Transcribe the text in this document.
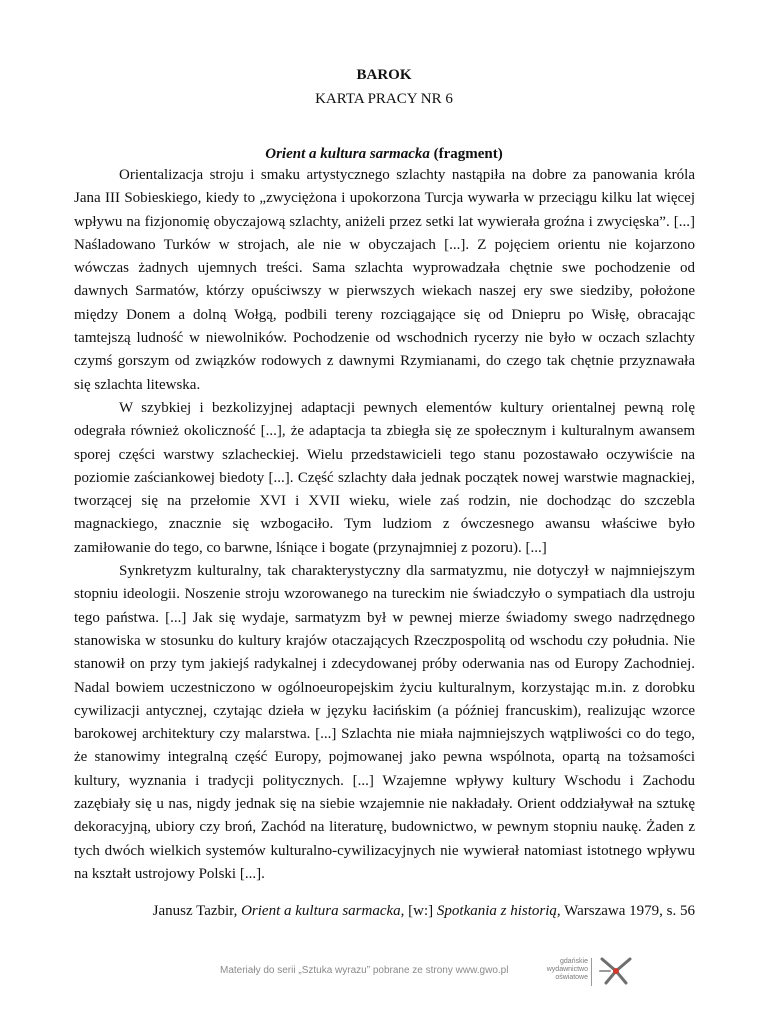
BAROK
KARTA PRACY NR 6
Orient a kultura sarmacka (fragment)

Orientalizacja stroju i smaku artystycznego szlachty nastąpiła na dobre za panowania króla Jana III Sobieskiego, kiedy to „zwyciężona i upokorzona Turcja wywarła w przeciągu kilku lat więcej wpływu na fizjonomię obyczajową szlachty, aniżeli przez setki lat wywierała groźna i zwycięska”. [...] Naśladowano Turków w strojach, ale nie w obyczajach [...]. Z pojęciem orientu nie kojarzono wówczas żadnych ujemnych treści. Sama szlachta wyprowadzała chętnie swe pochodzenie od dawnych Sarmatów, którzy opuściwszy w pierwszych wiekach naszej ery swe siedziby, położone między Donem a dolną Wołgą, podbili tereny rozciągające się od Dniepru po Wisłę, obracając tamtejszą ludność w niewolników. Pochodzenie od wschodnich rycerzy nie było w oczach szlachty czymś gorszym od związków rodowych z dawnymi Rzymianami, do czego tak chętnie przyznawała się szlachta litewska.

W szybkiej i bezkolizyjnej adaptacji pewnych elementów kultury orientalnej pewną rolę odegrała również okoliczność [...], że adaptacja ta zbiegła się ze społecznym i kulturalnym awansem sporej części warstwy szlacheckiej. Wielu przedstawicieli tego stanu pozostawało oczywiście na poziomie zaściankowej biedoty [...]. Część szlachty dała jednak początek nowej warstwie magnackiej, tworzącej się na przełomie XVI i XVII wieku, wiele zaś rodzin, nie dochodząc do szczebla magnackiego, znacznie się wzbogaciło. Tym ludziom z ówczesnego awansu właściwe było zamiłowanie do tego, co barwne, lśniące i bogate (przynajmniej z pozoru). [...]

Synkretyzm kulturalny, tak charakterystyczny dla sarmatyzmu, nie dotyczył w najmniejszym stopniu ideologii. Noszenie stroju wzorowanego na tureckim nie świadczyło o sympatiach dla ustroju tego państwa. [...] Jak się wydaje, sarmatyzm był w pewnej mierze świadomy swego nadrzędnego stanowiska w stosunku do kultury krajów otaczających Rzeczpospolitą od wschodu czy południa. Nie stanowił on przy tym jakiejś radykalnej i zdecydowanej próby oderwania nas od Europy Zachodniej. Nadal bowiem uczestniczono w ogólnoeuropejskim życiu kulturalnym, korzystając m.in. z dorobku cywilizacji antycznej, czytając dzieła w języku łacińskim (a później francuskim), realizując wzorce barokowej architektury czy malarstwa. [...] Szlachta nie miała najmniejszych wątpliwości co do tego, że stanowimy integralną część Europy, pojmowanej jako pewna wspólnota, opartą na tożsamości kultury, wyznania i tradycji politycznych. [...] Wzajemne wpływy kultury Wschodu i Zachodu zazębiały się u nas, nigdy jednak się na siebie wzajemnie nie nakładały. Orient oddziaływał na sztukę dekoracyjną, ubiory czy broń, Zachód na literaturę, budownictwo, w pewnym stopniu naukę. Żaden z tych dwóch wielkich systemów kulturalno-cywilizacyjnych nie wywierał natomiast istotnego wpływu na kształt ustrojowy Polski [...].

Janusz Tazbir, Orient a kultura sarmacka, [w:] Spotkania z historią, Warszawa 1979, s. 56
Materiały do serii „Sztuka wyrazu” pobrane ze strony www.gwo.pl
gdańskie
wydawnictwo
oświatowe
